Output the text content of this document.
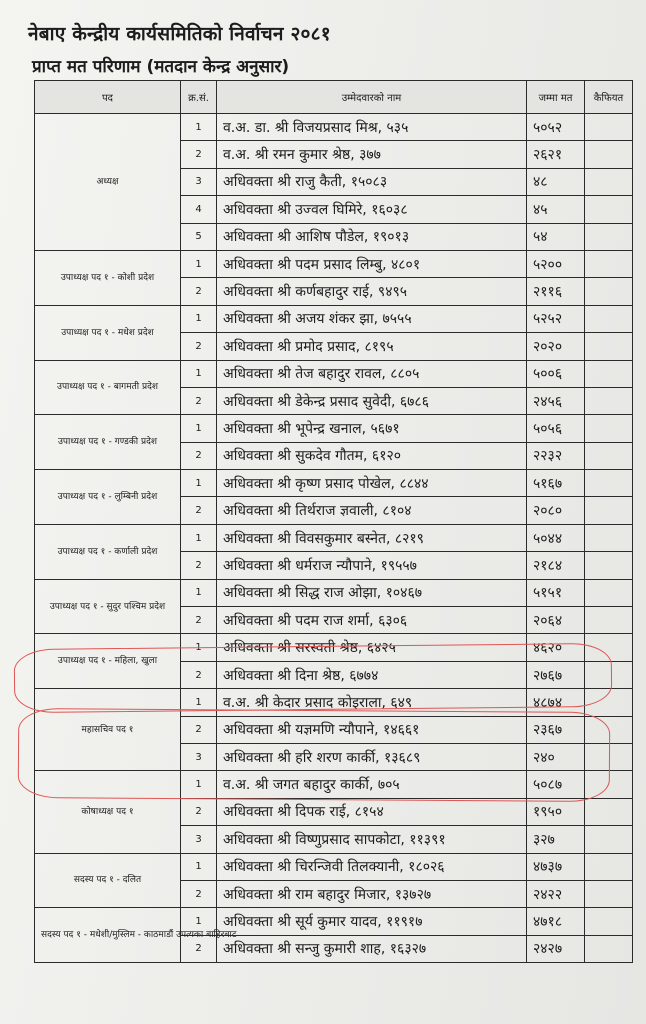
नेबाए केन्द्रीय कार्यसमितिको निर्वाचन २०८१
प्राप्त मत परिणाम (मतदान केन्द्र अनुसार)
पद	क्र.सं.	उम्मेदवारको नाम	जम्मा मत	कैफियत
अध्यक्ष	1	व.अ. डा. श्री विजयप्रसाद मिश्र, ५३५	५०५२	
	2	व.अ. श्री रमन कुमार श्रेष्ठ, ३७७	२६२१	
	3	अधिवक्ता श्री राजु कैती, १५०८३	४८	
	4	अधिवक्ता श्री उज्वल घिमिरे, १६०३८	४५	
	5	अधिवक्ता श्री आशिष पौडेल, १९०१३	५४	
उपाध्यक्ष पद १ - कोशी प्रदेश	1	अधिवक्ता श्री पदम प्रसाद लिम्बु, ४८०१	५२००	
	2	अधिवक्ता श्री कर्णबहादुर राई, ९४९५	२११६	
उपाध्यक्ष पद १ - मधेश प्रदेश	1	अधिवक्ता श्री अजय शंकर झा, ७५५५	५२५२	
	2	अधिवक्ता श्री प्रमोद प्रसाद, ८१९५	२०२०	
उपाध्यक्ष पद १ - बागमती प्रदेश	1	अधिवक्ता श्री तेज बहादुर रावल, ८८०५	५००६	
	2	अधिवक्ता श्री डेकेन्द्र प्रसाद सुवेदी, ६७८६	२४५६	
उपाध्यक्ष पद १ - गण्डकी प्रदेश	1	अधिवक्ता श्री भूपेन्द्र खनाल, ५६७१	५०५६	
	2	अधिवक्ता श्री सुकदेव गौतम, ६१२०	२२३२	
उपाध्यक्ष पद १ - लुम्बिनी प्रदेश	1	अधिवक्ता श्री कृष्ण प्रसाद पोखेल, ८८४४	५१६७	
	2	अधिवक्ता श्री तिर्थराज ज्ञवाली, ८१०४	२०८०	
उपाध्यक्ष पद १ - कर्णाली प्रदेश	1	अधिवक्ता श्री विवसकुमार बस्नेत, ८२१९	५०४४	
	2	अधिवक्ता श्री धर्मराज न्यौपाने, १९५५७	२१८४	
उपाध्यक्ष पद १ - सुदुर पश्चिम प्रदेश	1	अधिवक्ता श्री सिद्ध राज ओझा, १०४६७	५१५१	
	2	अधिवक्ता श्री पदम राज शर्मा, ६३०६	२०६४	
उपाध्यक्ष पद १ - महिला, खुला	1	अधिवक्ता श्री सरस्वती श्रेष्ठ, ६४२५	४६२०	
	2	अधिवक्ता श्री दिना श्रेष्ठ, ६७७४	२७६७	
महासचिव पद १	1	व.अ. श्री केदार प्रसाद कोइराला, ६४९	४८७४	
	2	अधिवक्ता श्री यज्ञमणि न्यौपाने, १४६६१	२३६७	
	3	अधिवक्ता श्री हरि शरण कार्की, १३६८९	२४०	
कोषाध्यक्ष पद १	1	व.अ. श्री जगत बहादुर कार्की, ७०५	५०८७	
	2	अधिवक्ता श्री दिपक राई, ८१५४	१९५०	
	3	अधिवक्ता श्री विष्णुप्रसाद सापकोटा, ११३९१	३२७	
सदस्य पद १ - दलित	1	अधिवक्ता श्री चिरन्जिवी तिलक्यानी, १८०२६	४७३७	
	2	अधिवक्ता श्री राम बहादुर मिजार, १३७२७	२४२२	
सदस्य पद १ - मधेशी/मुस्लिम - काठमाडौं उपत्यका बाहिरबाट	1	अधिवक्ता श्री सूर्य कुमार यादव, ११९१७	४७१८	
	2	अधिवक्ता श्री सन्जु कुमारी शाह, १६३२७	२४२७	
